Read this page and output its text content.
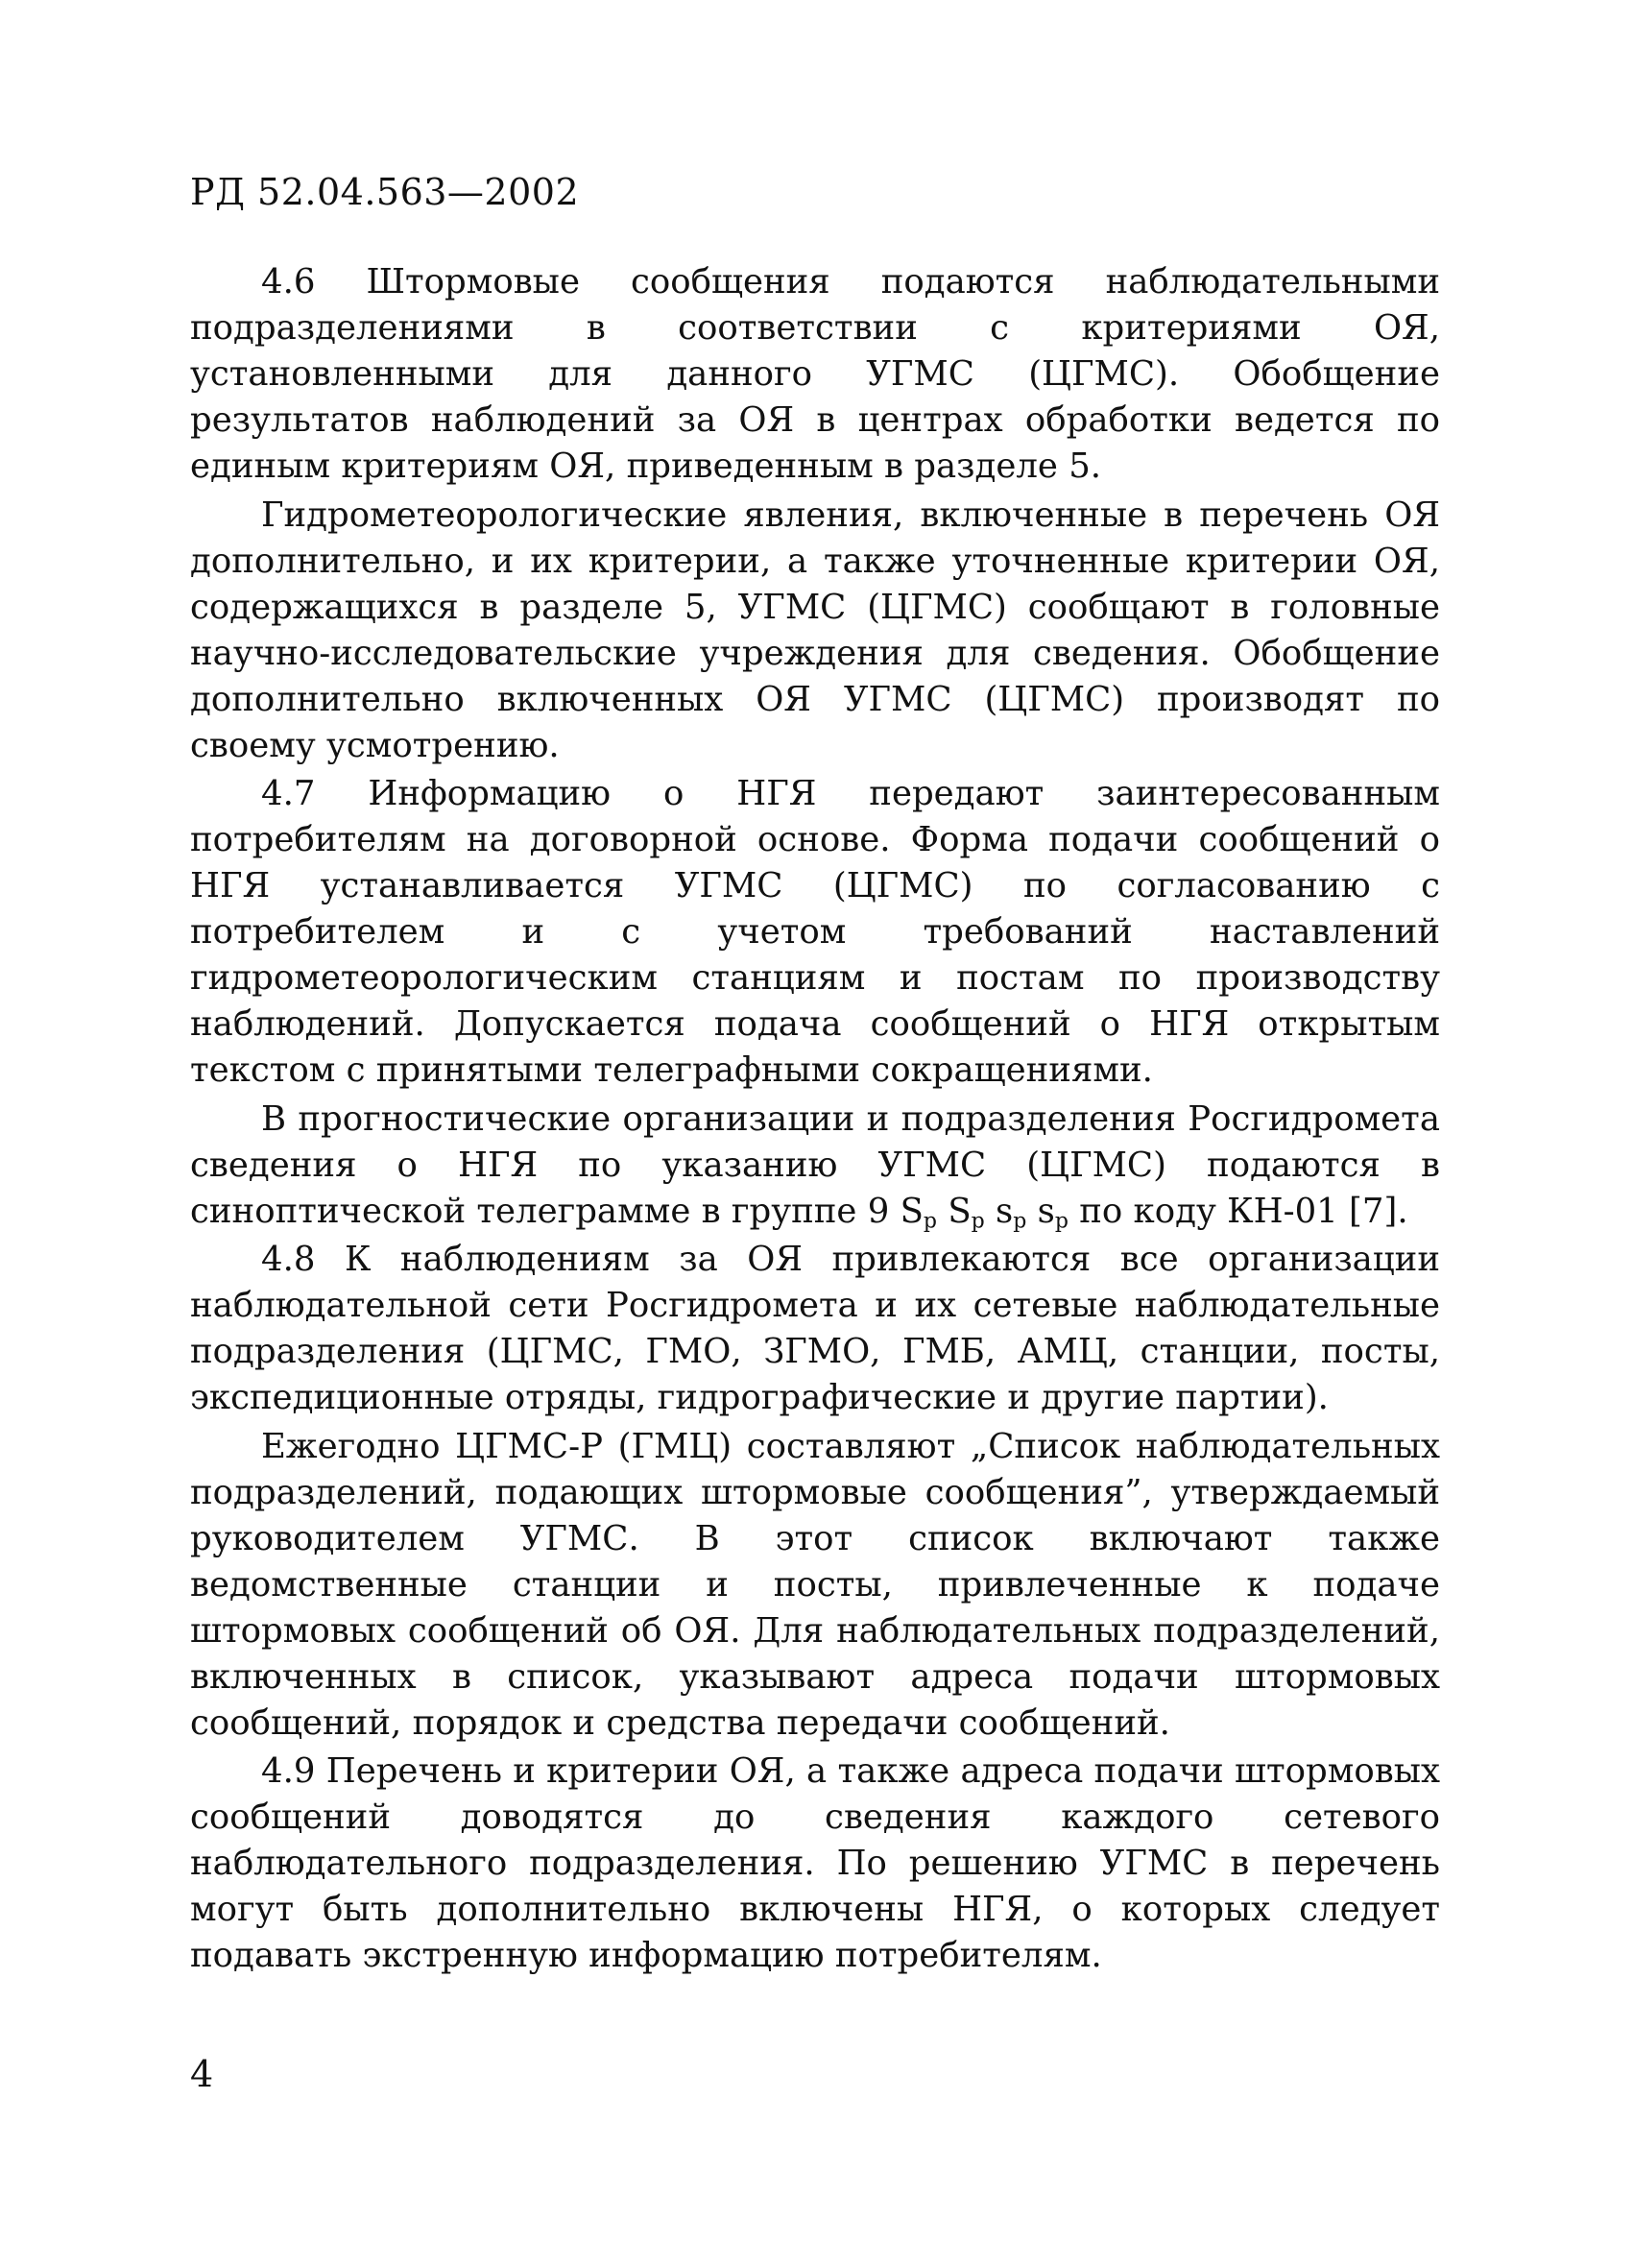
РД 52.04.563—2002

4.6 Штормовые сообщения подаются наблюдательными подразделениями в соответствии с критериями ОЯ, установленными для данного УГМС (ЦГМС). Обобщение результатов наблюдений за ОЯ в центрах обработки ведется по единым критериям ОЯ, приведенным в разделе 5.

Гидрометеорологические явления, включенные в перечень ОЯ дополнительно, и их критерии, а также уточненные критерии ОЯ, содержащихся в разделе 5, УГМС (ЦГМС) сообщают в головные научно-исследовательские учреждения для сведения. Обобщение дополнительно включенных ОЯ УГМС (ЦГМС) производят по своему усмотрению.

4.7 Информацию о НГЯ передают заинтересованным потребителям на договорной основе. Форма подачи сообщений о НГЯ устанавливается УГМС (ЦГМС) по согласованию с потребителем и с учетом требований наставлений гидрометеорологическим станциям и постам по производству наблюдений. Допускается подача сообщений о НГЯ открытым текстом с принятыми телеграфными сокращениями.

В прогностические организации и подразделения Росгидромета сведения о НГЯ по указанию УГМС (ЦГМС) подаются в синоптической телеграмме в группе 9 $S_р$ $S_р$ $s_р$ $s_р$ по коду КН-01 [7].

4.8 К наблюдениям за ОЯ привлекаются все организации наблюдательной сети Росгидромета и их сетевые наблюдательные подразделения (ЦГМС, ГМО, ЗГМО, ГМБ, АМЦ, станции, посты, экспедиционные отряды, гидрографические и другие партии).

Ежегодно ЦГМС-Р (ГМЦ) составляют „Список наблюдательных подразделений, подающих штормовые сообщения”, утверждаемый руководителем УГМС. В этот список включают также ведомственные станции и посты, привлеченные к подаче штормовых сообщений об ОЯ. Для наблюдательных подразделений, включенных в список, указывают адреса подачи штормовых сообщений, порядок и средства передачи сообщений.

4.9 Перечень и критерии ОЯ, а также адреса подачи штормовых сообщений доводятся до сведения каждого сетевого наблюдательного подразделения. По решению УГМС в перечень могут быть дополнительно включены НГЯ, о которых следует подавать экстренную информацию потребителям.

4
